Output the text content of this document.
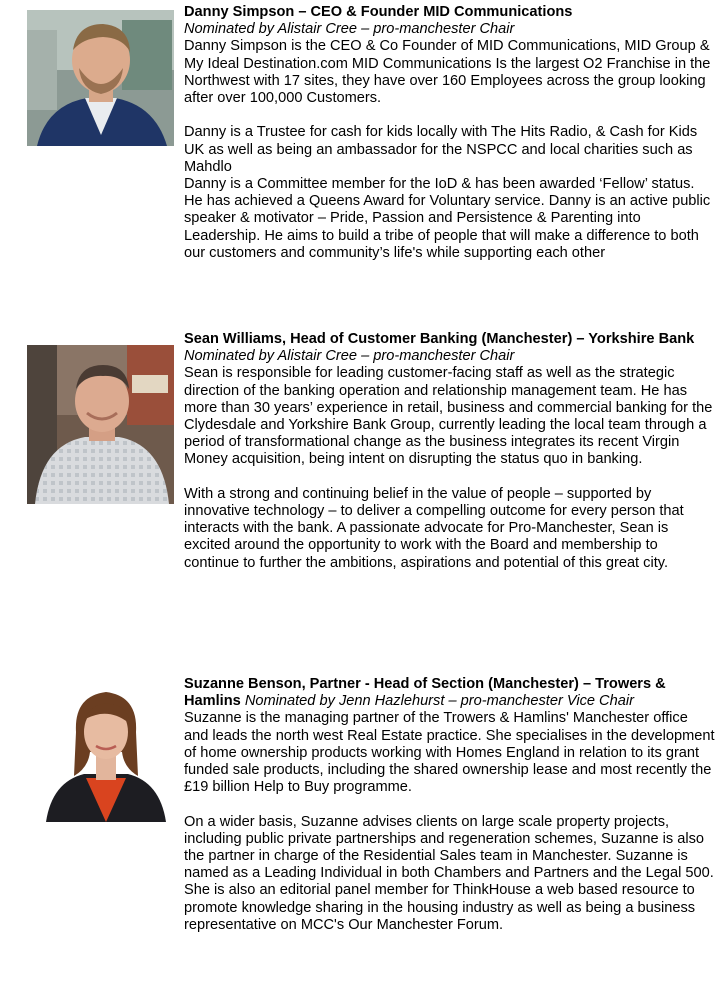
Danny Simpson – CEO & Founder MID Communications

Nominated by Alistair Cree – pro-manchester Chair

Danny Simpson is the CEO & Co Founder of MID Communications, MID Group & My Ideal Destination.com MID Communications Is the largest O2 Franchise in the Northwest with 17 sites, they have over 160 Employees across the group looking after over 100,000 Customers.

Danny is a Trustee for cash for kids locally with The Hits Radio, & Cash for Kids UK as well as being an ambassador for the NSPCC and local charities such as Mahdlo

Danny is a Committee member for the IoD & has been awarded ‘Fellow’ status. He has achieved a Queens Award for Voluntary service. Danny is an active public speaker & motivator – Pride, Passion and Persistence & Parenting into Leadership. He aims to build a tribe of people that will make a difference to both our customers and community’s life's while supporting each other

Sean Williams, Head of Customer Banking (Manchester) – Yorkshire Bank

Nominated by Alistair Cree – pro-manchester Chair

Sean is responsible for leading customer-facing staff as well as the strategic direction of the banking operation and relationship management team. He has more than 30 years’ experience in retail, business and commercial banking for the Clydesdale and Yorkshire Bank Group, currently leading the local team through a period of transformational change as the business integrates its recent Virgin Money acquisition, being intent on disrupting the status quo in banking.

With a strong and continuing belief in the value of people – supported by innovative technology – to deliver a compelling outcome for every person that interacts with the bank. A passionate advocate for Pro-Manchester, Sean is excited around the opportunity to work with the Board and membership to continue to further the ambitions, aspirations and potential of this great city.

Suzanne Benson, Partner - Head of Section (Manchester) – Trowers & Hamlins Nominated by Jenn Hazlehurst – pro-manchester Vice Chair

Suzanne is the managing partner of the Trowers & Hamlins' Manchester office and leads the north west Real Estate practice. She specialises in the development of home ownership products working with Homes England in relation to its grant funded sale products, including the shared ownership lease and most recently the £19 billion Help to Buy programme.

On a wider basis, Suzanne advises clients on large scale property projects, including public private partnerships and regeneration schemes, Suzanne is also the partner in charge of the Residential Sales team in Manchester. Suzanne is named as a Leading Individual in both Chambers and Partners and the Legal 500. She is also an editorial panel member for ThinkHouse a web based resource to promote knowledge sharing in the housing industry as well as being a business representative on MCC's Our Manchester Forum.
